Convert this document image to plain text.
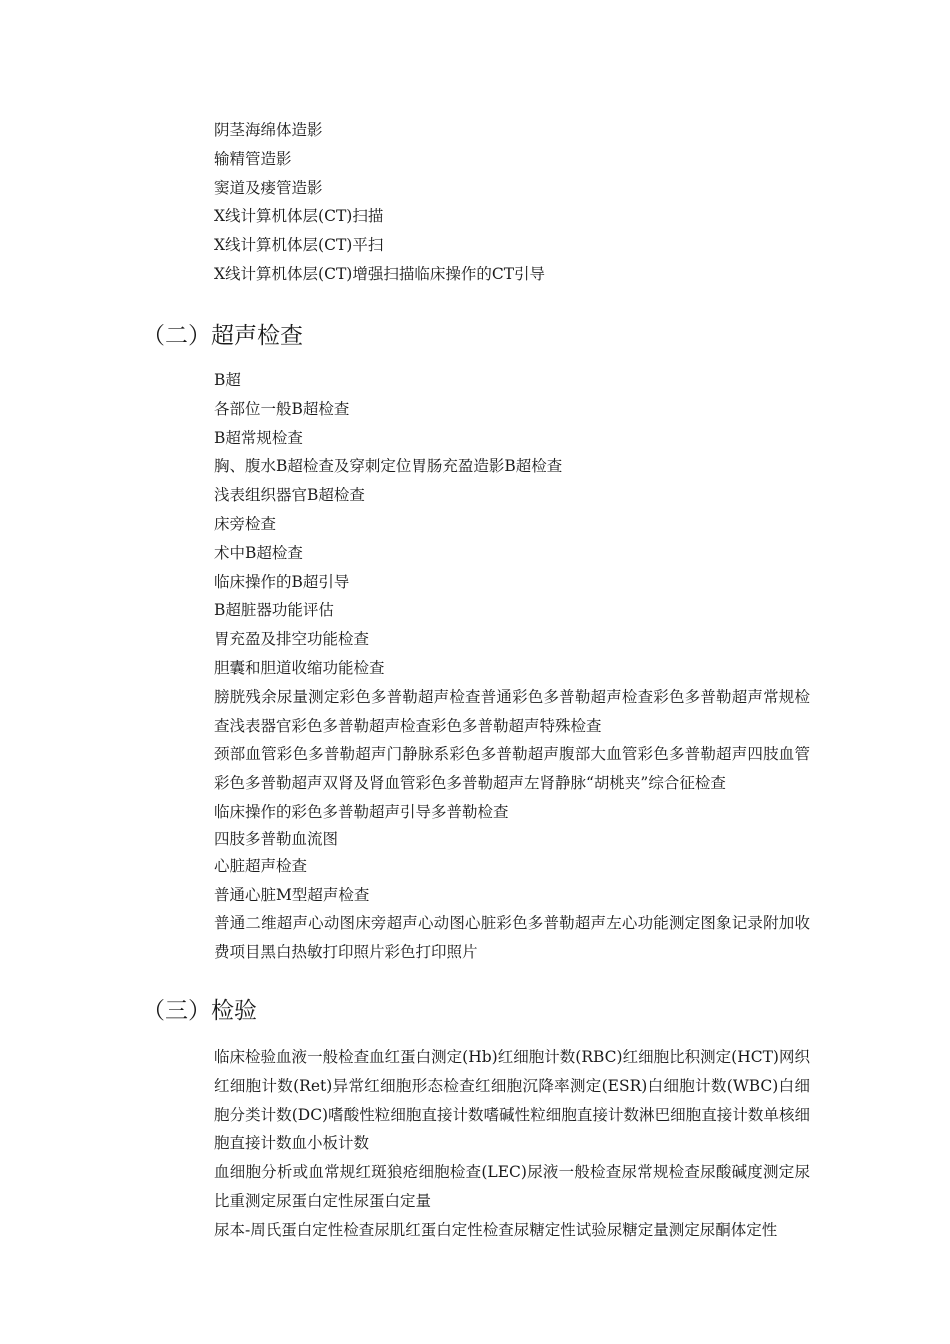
阴茎海绵体造影

输精管造影

窦道及瘘管造影

X线计算机体层(CT)扫描

X线计算机体层(CT)平扫

X线计算机体层(CT)增强扫描临床操作的CT引导

（二）超声检查

B超

各部位一般B超检查

B超常规检查

胸、腹水B超检查及穿刺定位胃肠充盈造影B超检查

浅表组织器官B超检查

床旁检查

术中B超检查

临床操作的B超引导

B超脏器功能评估

胃充盈及排空功能检查

胆囊和胆道收缩功能检查

膀胱残余尿量测定彩色多普勒超声检查普通彩色多普勒超声检查彩色多普勒超声常规检查浅表器官彩色多普勒超声检查彩色多普勒超声特殊检查

颈部血管彩色多普勒超声门静脉系彩色多普勒超声腹部大血管彩色多普勒超声四肢血管彩色多普勒超声双肾及肾血管彩色多普勒超声左肾静脉“胡桃夹”综合征检查

临床操作的彩色多普勒超声引导多普勒检查

四肢多普勒血流图

心脏超声检查

普通心脏M型超声检查

普通二维超声心动图床旁超声心动图心脏彩色多普勒超声左心功能测定图象记录附加收费项目黑白热敏打印照片彩色打印照片

（三）检验

临床检验血液一般检查血红蛋白测定(Hb)红细胞计数(RBC)红细胞比积测定(HCT)网织红细胞计数(Ret)异常红细胞形态检查红细胞沉降率测定(ESR)白细胞计数(WBC)白细胞分类计数(DC)嗜酸性粒细胞直接计数嗜碱性粒细胞直接计数淋巴细胞直接计数单核细胞直接计数血小板计数

血细胞分析或血常规红斑狼疮细胞检查(LEC)尿液一般检查尿常规检查尿酸碱度测定尿比重测定尿蛋白定性尿蛋白定量

尿本-周氏蛋白定性检查尿肌红蛋白定性检查尿糖定性试验尿糖定量测定尿酮体定性
